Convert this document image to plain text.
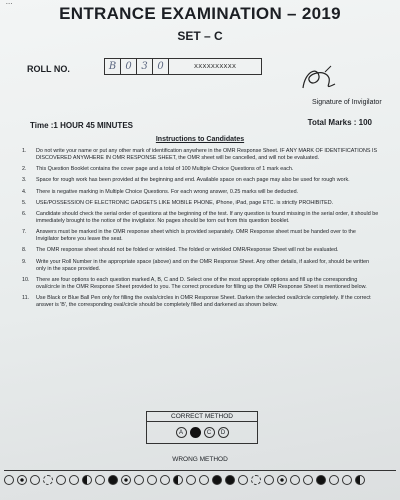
...
ENTRANCE EXAMINATION – 2019
SET – C
ROLL NO.	B 0 3 0	xxxxxxxxxx
Signature of Invigilator
Time :1 HOUR 45 MINUTES	Total Marks : 100
Instructions to Candidates
1.	Do not write your name or put any other mark of identification anywhere in the OMR Response Sheet. IF ANY MARK OF IDENTIFICATIONS IS DISCOVERED ANYWHERE IN OMR RESPONSE SHEET, the OMR sheet will be cancelled, and will not be evaluated.
2.	This Question Booklet contains the cover page and a total of 100 Multiple Choice Questions of 1 mark each.
3.	Space for rough work has been provided at the beginning and end. Available space on each page may also be used for rough work.
4.	There is negative marking in Multiple Choice Questions. For each wrong answer, 0.25 marks will be deducted.
5.	USE/POSSESSION OF ELECTRONIC GADGETS LIKE MOBILE PHONE, iPhone, iPad, page ETC. is strictly PROHIBITED.
6.	Candidate should check the serial order of questions at the beginning of the test. If any question is found missing in the serial order, it should be immediately brought to the notice of the invigilator. No pages should be torn out from this question booklet.
7.	Answers must be marked in the OMR response sheet which is provided separately. OMR Response sheet must be handed over to the Invigilator before you leave the seat.
8.	The OMR response sheet should not be folded or wrinkled. The folded or wrinkled OMR/Response Sheet will not be evaluated.
9.	Write your Roll Number in the appropriate space (above) and on the OMR Response Sheet. Any other details, if asked for, should be written only in the space provided.
10.	There are four options to each question marked A, B, C and D. Select one of the most appropriate options and fill up the corresponding oval/circle in the OMR Response Sheet provided to you. The correct procedure for filling up the OMR Response Sheet is mentioned below.
11.	Use Black or Blue Ball Pen only for filling the ovals/circles in OMR Response Sheet. Darken the selected oval/circle completely. If the correct answer is 'B', the corresponding oval/circle should be completely filled and darkened as shown below.
CORRECT METHOD
A	C	D
WRONG METHOD
